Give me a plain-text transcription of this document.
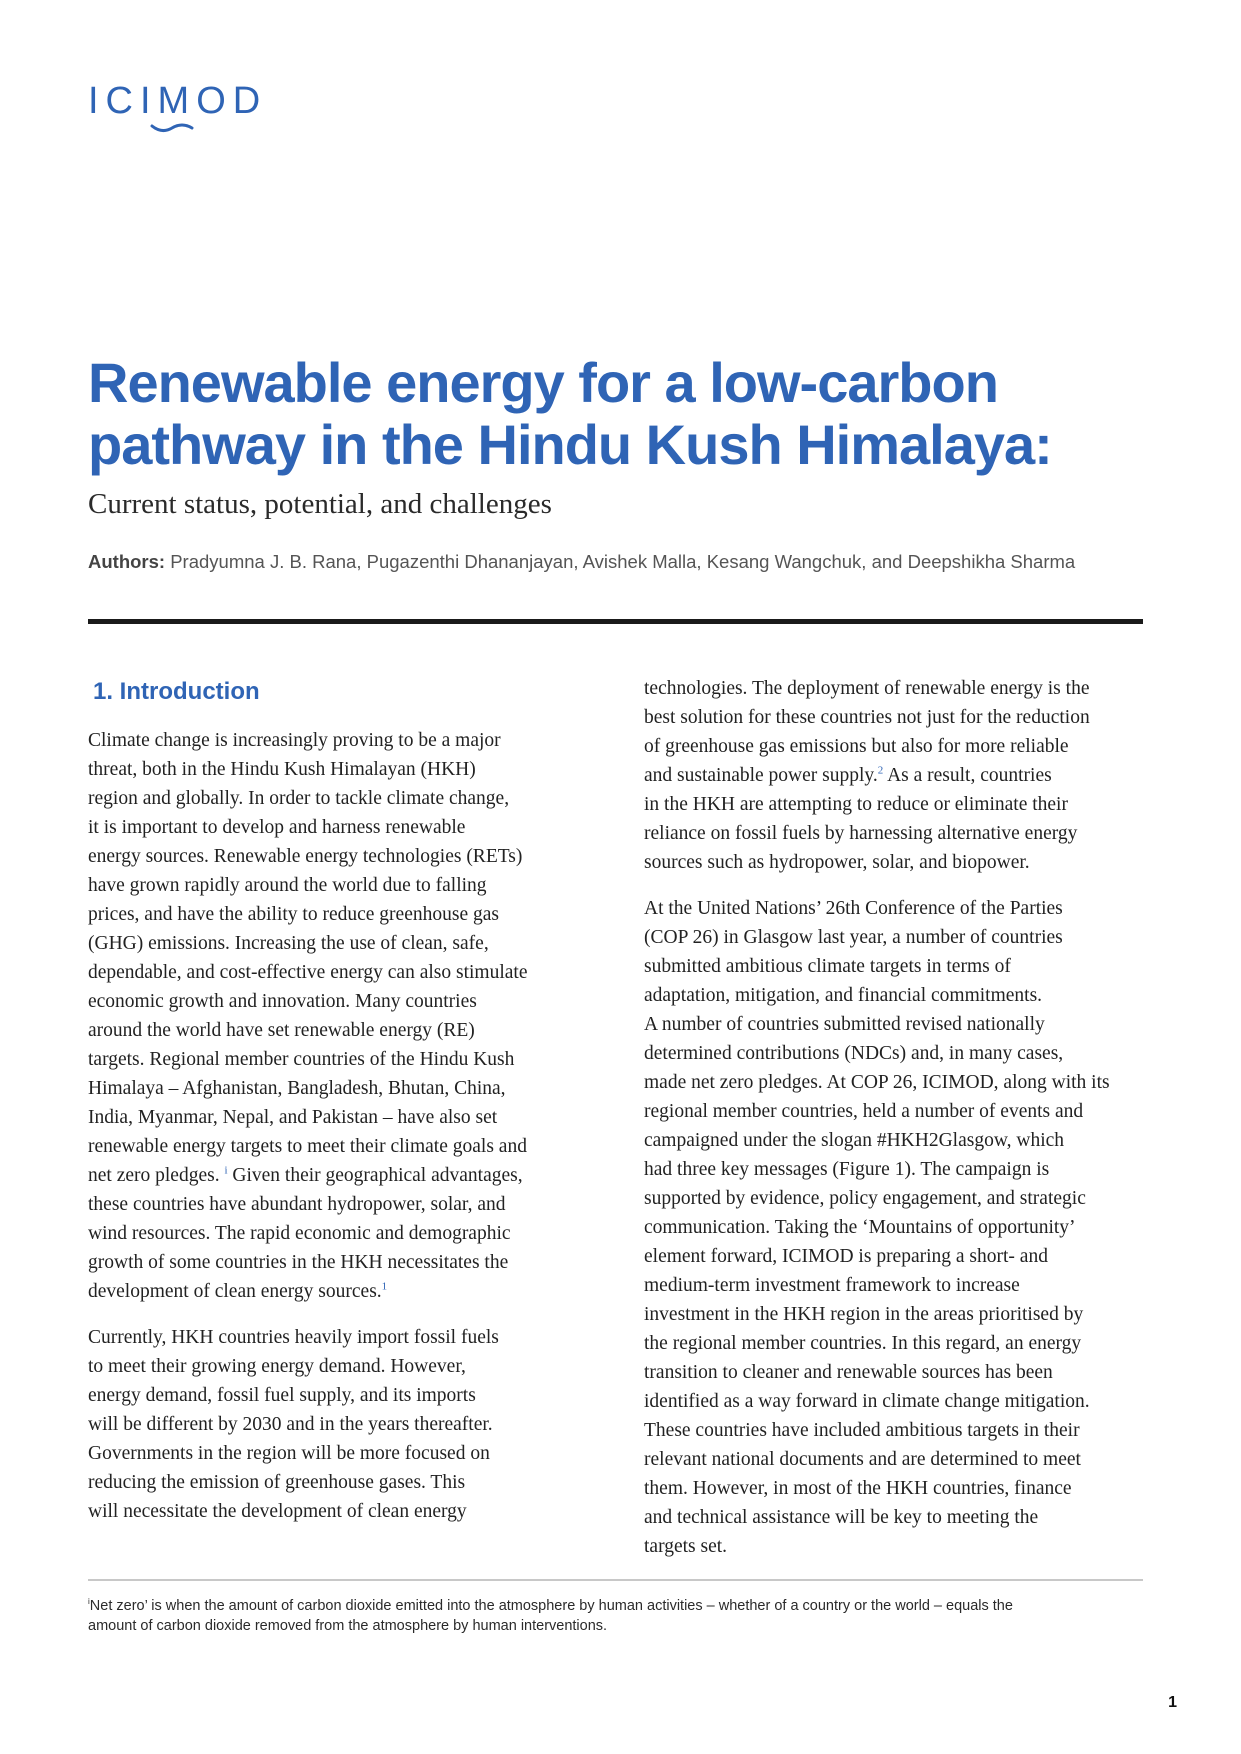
ICIMOD
Renewable energy for a low-carbon pathway in the Hindu Kush Himalaya:

Current status, potential, and challenges

Authors: Pradyumna J. B. Rana, Pugazenthi Dhananjayan, Avishek Malla, Kesang Wangchuk, and Deepshikha Sharma

1. Introduction

Climate change is increasingly proving to be a major
threat, both in the Hindu Kush Himalayan (HKH)
region and globally. In order to tackle climate change,
it is important to develop and harness renewable
energy sources. Renewable energy technologies (RETs)
have grown rapidly around the world due to falling
prices, and have the ability to reduce greenhouse gas
(GHG) emissions. Increasing the use of clean, safe,
dependable, and cost-effective energy can also stimulate
economic growth and innovation. Many countries
around the world have set renewable energy (RE)
targets. Regional member countries of the Hindu Kush
Himalaya – Afghanistan, Bangladesh, Bhutan, China,
India, Myanmar, Nepal, and Pakistan – have also set
renewable energy targets to meet their climate goals and
net zero pledges. $^i$ Given their geographical advantages,
these countries have abundant hydropower, solar, and
wind resources. The rapid economic and demographic
growth of some countries in the HKH necessitates the
development of clean energy sources.$^1$

Currently, HKH countries heavily import fossil fuels
to meet their growing energy demand. However,
energy demand, fossil fuel supply, and its imports
will be different by 2030 and in the years thereafter.
Governments in the region will be more focused on
reducing the emission of greenhouse gases. This
will necessitate the development of clean energy

technologies. The deployment of renewable energy is the
best solution for these countries not just for the reduction
of greenhouse gas emissions but also for more reliable
and sustainable power supply.$^2$ As a result, countries
in the HKH are attempting to reduce or eliminate their
reliance on fossil fuels by harnessing alternative energy
sources such as hydropower, solar, and biopower.

At the United Nations’ 26th Conference of the Parties
(COP 26) in Glasgow last year, a number of countries
submitted ambitious climate targets in terms of
adaptation, mitigation, and financial commitments.
A number of countries submitted revised nationally
determined contributions (NDCs) and, in many cases,
made net zero pledges. At COP 26, ICIMOD, along with its
regional member countries, held a number of events and
campaigned under the slogan #HKH2Glasgow, which
had three key messages (Figure 1). The campaign is
supported by evidence, policy engagement, and strategic
communication. Taking the ‘Mountains of opportunity’
element forward, ICIMOD is preparing a short- and
medium-term investment framework to increase
investment in the HKH region in the areas prioritised by
the regional member countries. In this regard, an energy
transition to cleaner and renewable sources has been
identified as a way forward in climate change mitigation.
These countries have included ambitious targets in their
relevant national documents and are determined to meet
them. However, in most of the HKH countries, finance
and technical assistance will be key to meeting the
targets set.

$^i$Net zero’ is when the amount of carbon dioxide emitted into the atmosphere by human activities – whether of a country or the world – equals the
amount of carbon dioxide removed from the atmosphere by human interventions.

1
